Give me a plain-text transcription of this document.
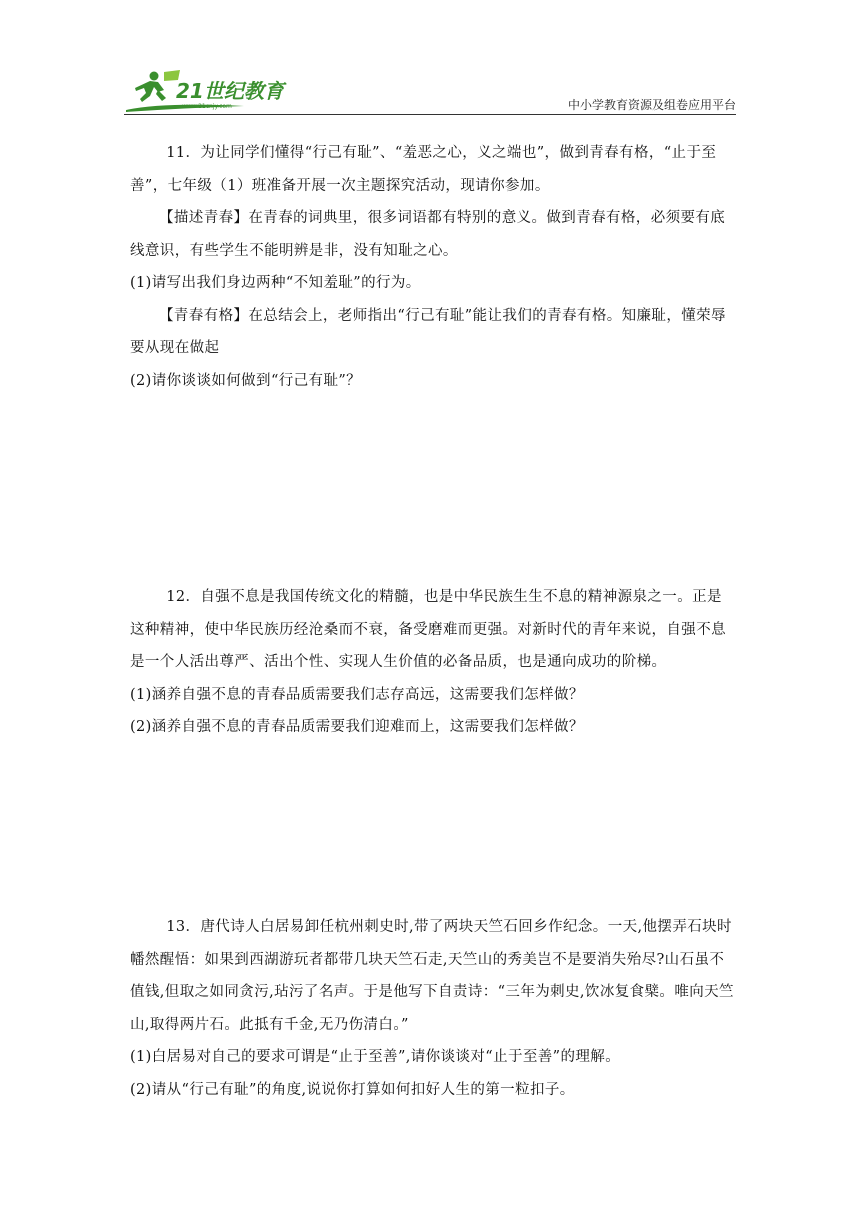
21世纪教育
www.21cnjy.com	中小学教育资源及组卷应用平台

11．为让同学们懂得“行己有耻”、“羞恶之心，义之端也”，做到青春有格，“止于至善”，七年级（1）班准备开展一次主题探究活动，现请你参加。

【描述青春】在青春的词典里，很多词语都有特别的意义。做到青春有格，必须要有底线意识，有些学生不能明辨是非，没有知耻之心。

(1)请写出我们身边两种“不知羞耻”的行为。

【青春有格】在总结会上，老师指出“行己有耻”能让我们的青春有格。知廉耻，懂荣辱要从现在做起

(2)请你谈谈如何做到“行己有耻”？

12．自强不息是我国传统文化的精髓，也是中华民族生生不息的精神源泉之一。正是这种精神，使中华民族历经沧桑而不衰，备受磨难而更强。对新时代的青年来说，自强不息是一个人活出尊严、活出个性、实现人生价值的必备品质，也是通向成功的阶梯。

(1)涵养自强不息的青春品质需要我们志存高远，这需要我们怎样做？

(2)涵养自强不息的青春品质需要我们迎难而上，这需要我们怎样做？

13．唐代诗人白居易卸任杭州刺史时,带了两块天竺石回乡作纪念。一天,他摆弄石块时幡然醒悟：如果到西湖游玩者都带几块天竺石走,天竺山的秀美岂不是要消失殆尽?山石虽不值钱,但取之如同贪污,玷污了名声。于是他写下自责诗：“三年为刺史,饮冰复食檗。唯向天竺山,取得两片石。此抵有千金,无乃伤清白。”

(1)白居易对自己的要求可谓是“止于至善”,请你谈谈对“止于至善”的理解。

(2)请从“行己有耻”的角度,说说你打算如何扣好人生的第一粒扣子。
